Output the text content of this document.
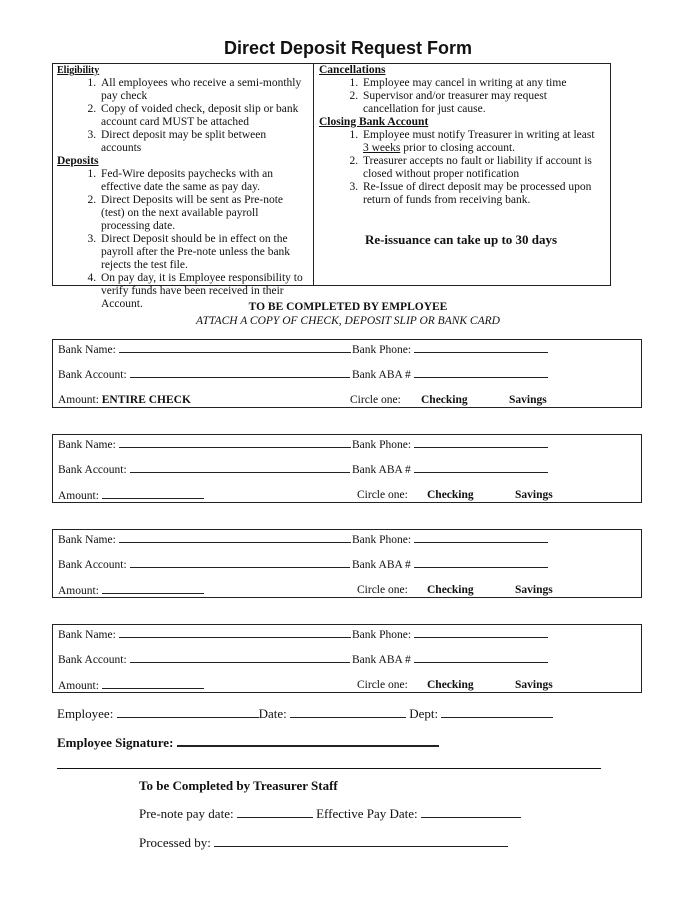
Direct Deposit Request Form

Eligibility

1. All employees who receive a semi-monthly pay check
2. Copy of voided check, deposit slip or bank account card MUST be attached
3. Direct deposit may be split between accounts

Deposits

1. Fed-Wire deposits paychecks with an effective date the same as pay day.
2. Direct Deposits will be sent as Pre-note (test) on the next available payroll processing date.
3. Direct Deposit should be in effect on the payroll after the Pre-note unless the bank rejects the test file.
4. On pay day, it is Employee responsibility to verify funds have been received in their Account.

Cancellations

1. Employee may cancel in writing at any time
2. Supervisor and/or treasurer may request cancellation for just cause.

Closing Bank Account

1. Employee must notify Treasurer in writing at least 3 weeks prior to closing account.
2. Treasurer accepts no fault or liability if account is closed without proper notification
3. Re-Issue of direct deposit may be processed upon return of funds from receiving bank.
Re-issuance can take up to 30 days
TO BE COMPLETED BY EMPLOYEE
ATTACH A COPY OF CHECK, DEPOSIT SLIP OR BANK CARD
Bank Name:	Bank Phone:
Bank Account:	Bank ABA #
Amount: ENTIRE CHECK	Circle one: Checking	Savings
Bank Name:	Bank Phone:
Bank Account:	Bank ABA #
Amount:	Circle one: Checking	Savings
Bank Name:	Bank Phone:
Bank Account:	Bank ABA #
Amount:	Circle one: Checking	Savings
Bank Name:	Bank Phone:
Bank Account:	Bank ABA #
Amount:	Circle one: Checking	Savings
Employee:	Date:	Dept:
Employee Signature:
To be Completed by Treasurer Staff
Pre-note pay date:	Effective Pay Date:
Processed by:
